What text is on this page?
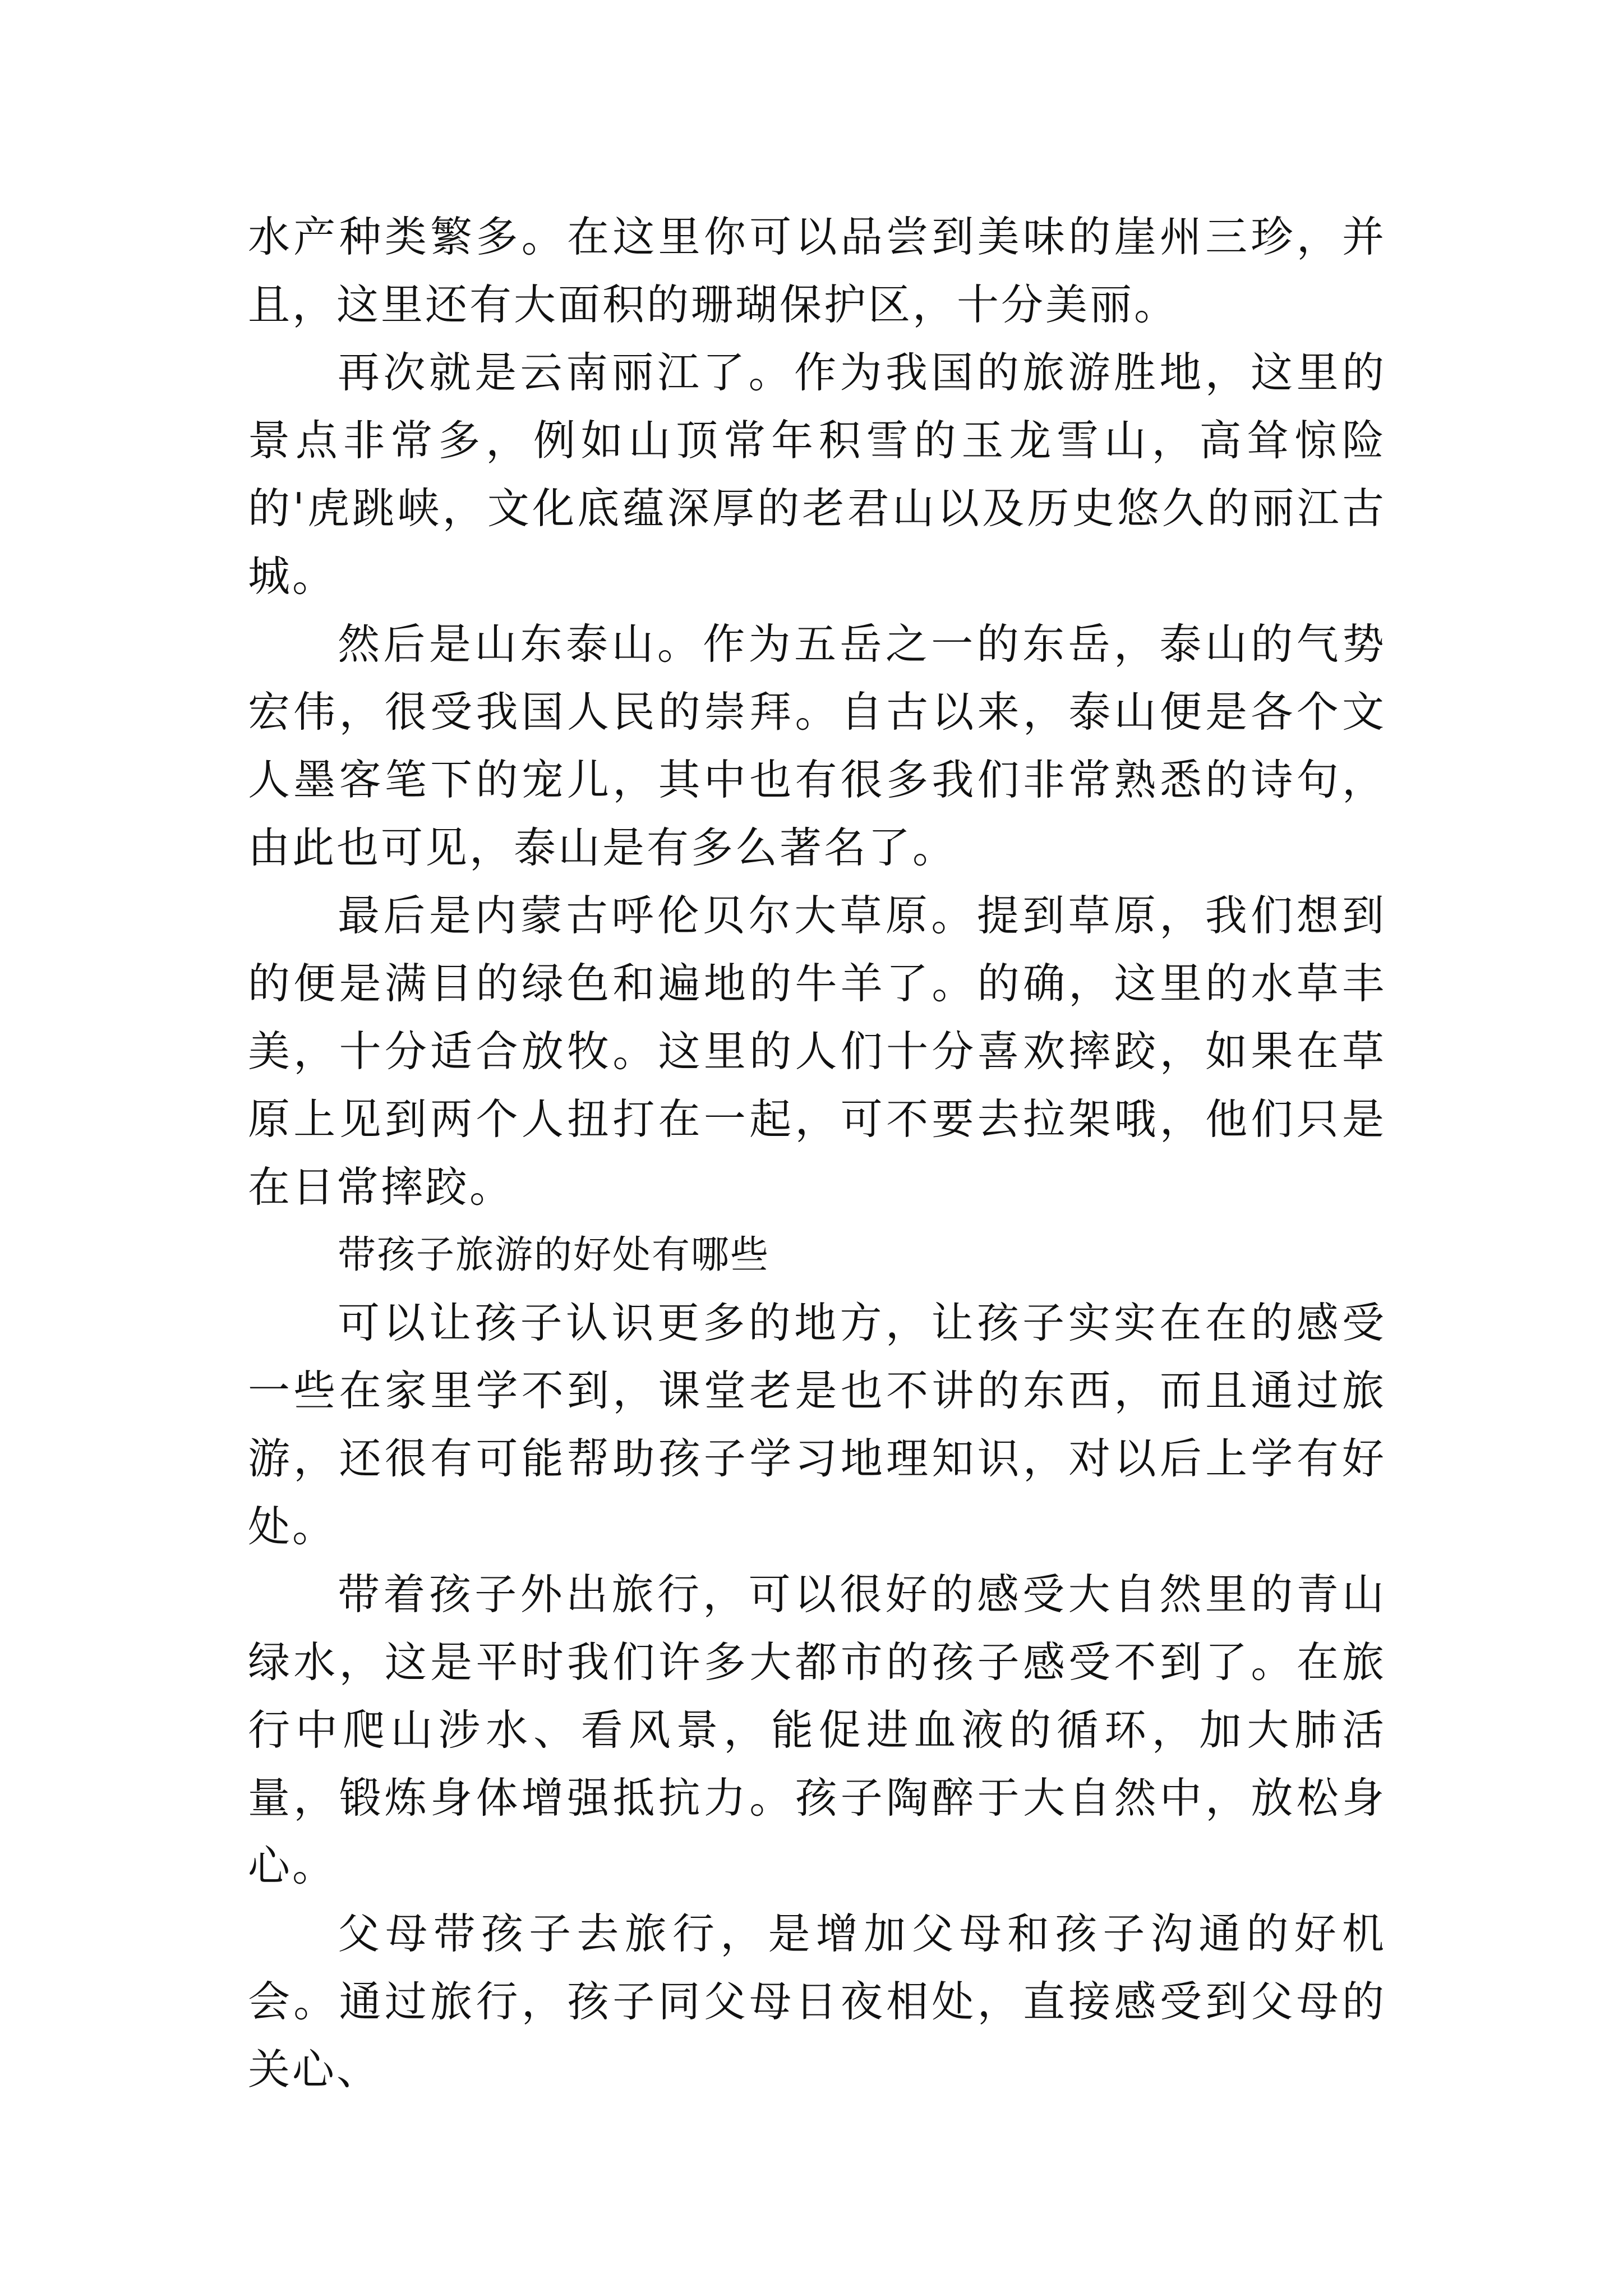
水产种类繁多。在这里你可以品尝到美味的崖州三珍，并且，这里还有大面积的珊瑚保护区，十分美丽。

再次就是云南丽江了。作为我国的旅游胜地，这里的景点非常多，例如山顶常年积雪的玉龙雪山，高耸惊险的'虎跳峡，文化底蕴深厚的老君山以及历史悠久的丽江古城。

然后是山东泰山。作为五岳之一的东岳，泰山的气势宏伟，很受我国人民的崇拜。自古以来，泰山便是各个文人墨客笔下的宠儿，其中也有很多我们非常熟悉的诗句，由此也可见，泰山是有多么著名了。

最后是内蒙古呼伦贝尔大草原。提到草原，我们想到的便是满目的绿色和遍地的牛羊了。的确，这里的水草丰美，十分适合放牧。这里的人们十分喜欢摔跤，如果在草原上见到两个人扭打在一起，可不要去拉架哦，他们只是在日常摔跤。

带孩子旅游的好处有哪些

可以让孩子认识更多的地方，让孩子实实在在的感受一些在家里学不到，课堂老是也不讲的东西，而且通过旅游，还很有可能帮助孩子学习地理知识，对以后上学有好处。

带着孩子外出旅行，可以很好的感受大自然里的青山绿水，这是平时我们许多大都市的孩子感受不到了。在旅行中爬山涉水、看风景，能促进血液的循环，加大肺活量，锻炼身体增强抵抗力。孩子陶醉于大自然中，放松身心。

父母带孩子去旅行，是增加父母和孩子沟通的好机会。通过旅行，孩子同父母日夜相处，直接感受到父母的关心、
